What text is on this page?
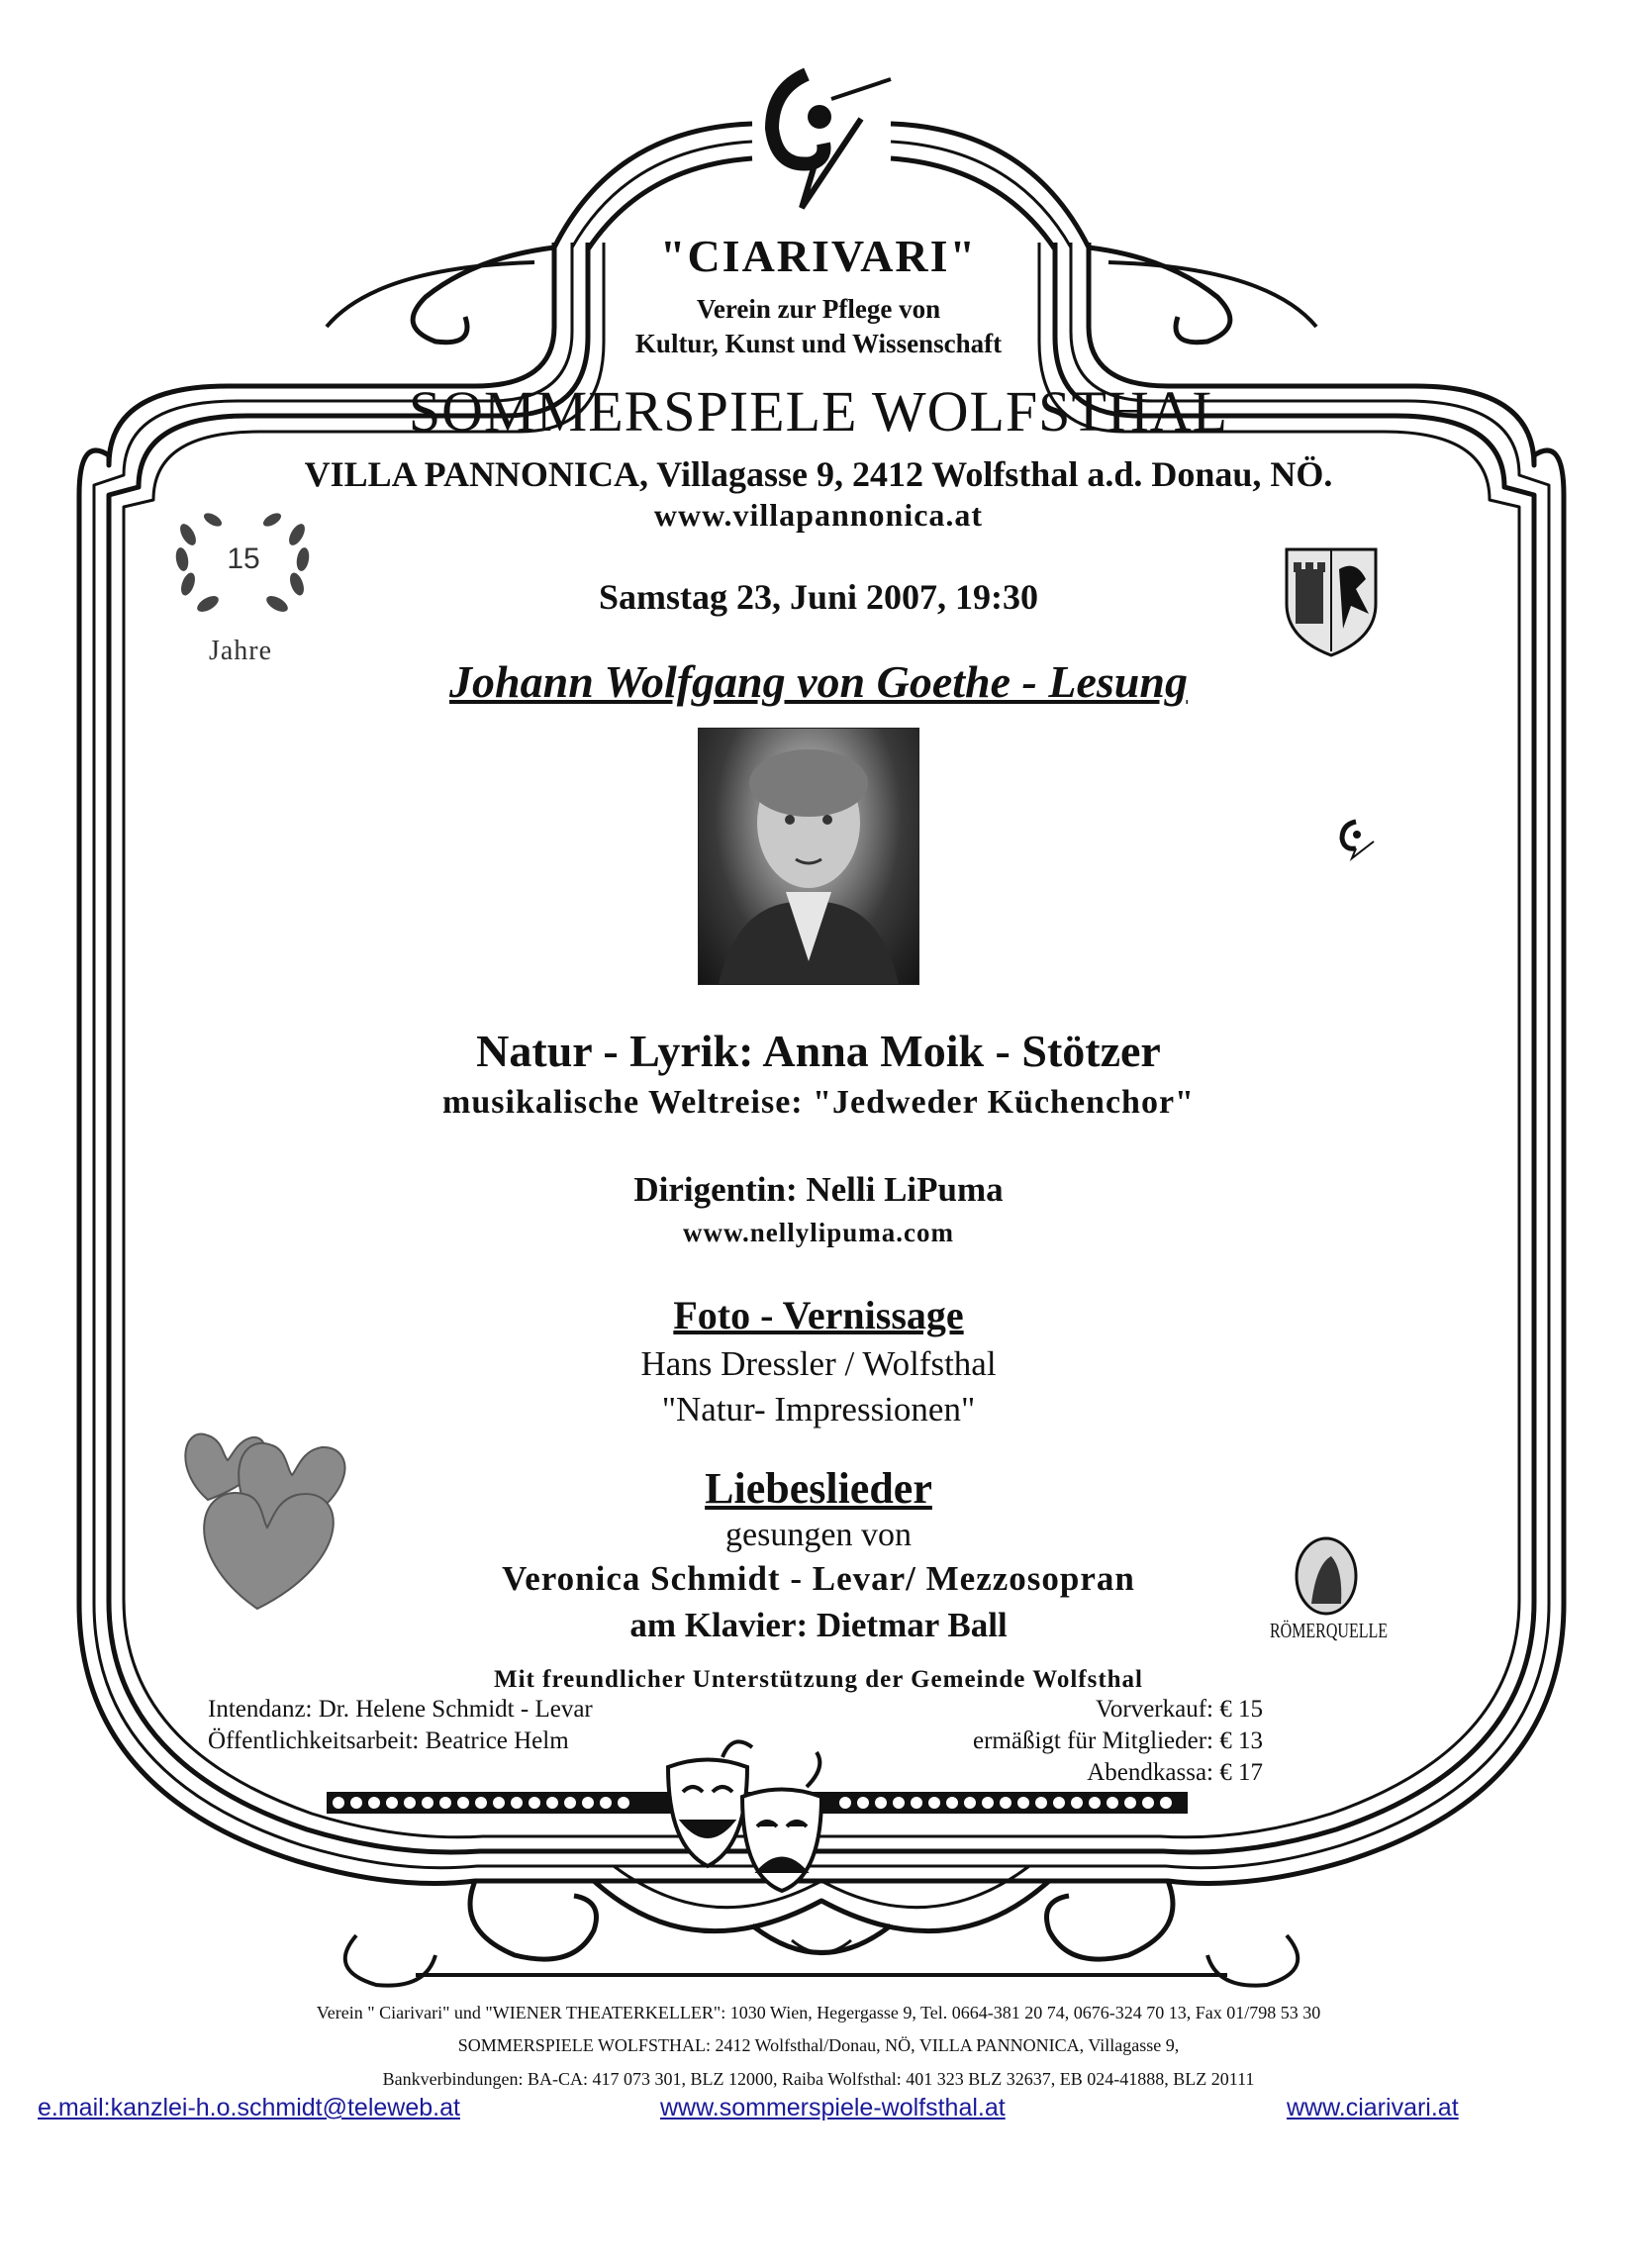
"CIARIVARI"
Verein zur Pflege von
Kultur, Kunst und Wissenschaft
SOMMERSPIELE WOLFSTHAL
VILLA PANNONICA, Villagasse 9, 2412 Wolfsthal a.d. Donau, NÖ.
www.villapannonica.at
15
Jahre
Samstag 23, Juni 2007, 19:30
Johann Wolfgang von Goethe - Lesung
Natur - Lyrik: Anna Moik - Stötzer
musikalische Weltreise: "Jedweder Küchenchor"
Dirigentin: Nelli LiPuma
www.nellylipuma.com
Foto - Vernissage
Hans Dressler / Wolfsthal
"Natur- Impressionen"
Liebeslieder
gesungen von
Veronica Schmidt - Levar/ Mezzosopran
am Klavier: Dietmar Ball	RÖMERQUELLE
Mit freundlicher Unterstützung der Gemeinde Wolfsthal
Intendanz: Dr. Helene Schmidt - Levar
Öffentlichkeitsarbeit: Beatrice Helm
Vorverkauf: € 15
ermäßigt für Mitglieder: € 13
Abendkassa: € 17
Verein " Ciarivari" und "WIENER THEATERKELLER": 1030 Wien, Hegergasse 9, Tel. 0664-381 20 74, 0676-324 70 13, Fax 01/798 53 30
SOMMERSPIELE WOLFSTHAL: 2412 Wolfsthal/Donau, NÖ, VILLA PANNONICA, Villagasse 9,
Bankverbindungen: BA-CA: 417 073 301, BLZ 12000, Raiba Wolfsthal: 401 323 BLZ 32637, EB 024-41888, BLZ 20111
e.mail:kanzlei-h.o.schmidt@teleweb.at	www.sommerspiele-wolfsthal.at	www.ciarivari.at
